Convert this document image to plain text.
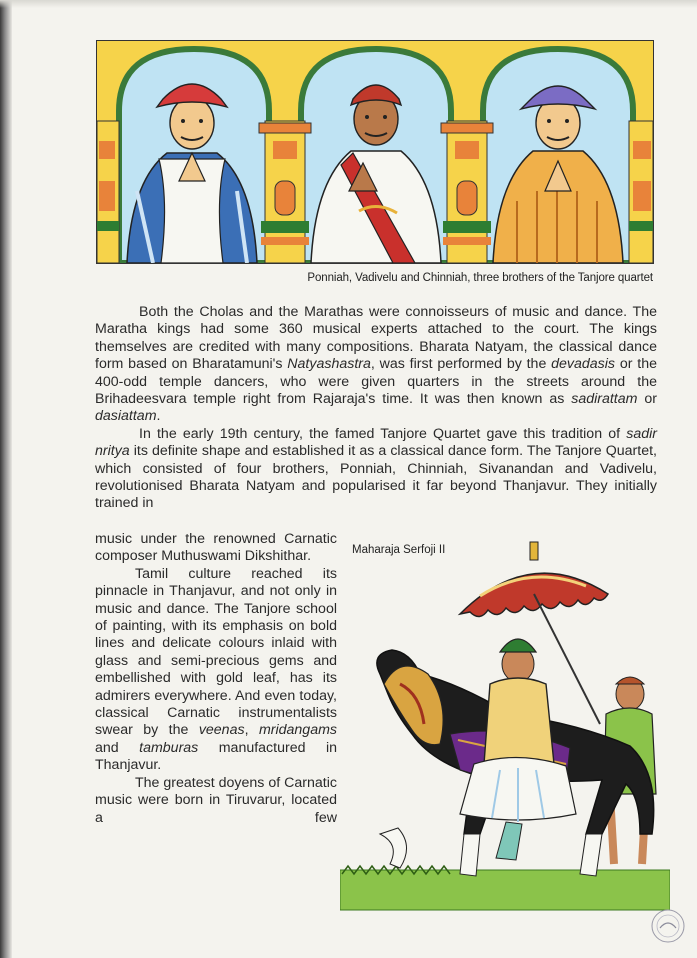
Ponniah, Vadivelu and Chinniah, three brothers of the Tanjore quartet

Both the Cholas and the Marathas were connoisseurs of music and dance. The Maratha kings had some 360 musical experts attached to the court. The kings themselves are credited with many compositions. Bharata Natyam, the classical dance form based on Bharatamuni's Natyashastra, was first performed by the devadasis or the 400-odd temple dancers, who were given quarters in the streets around the Brihadeesvara temple right from Rajaraja's time. It was then known as sadirattam or dasiattam.

In the early 19th century, the famed Tanjore Quartet gave this tradition of sadir nritya its definite shape and established it as a classical dance form. The Tanjore Quartet, which consisted of four brothers, Ponniah, Chinniah, Sivanandan and Vadivelu, revolutionised Bharata Natyam and popularised it far beyond Thanjavur. They initially trained in

music under the renowned Carnatic composer Muthuswami Dikshithar.

Tamil culture reached its pinnacle in Thanjavur, and not only in music and dance. The Tanjore school of painting, with its emphasis on bold lines and delicate colours inlaid with glass and semi-precious gems and embellished with gold leaf, has its admirers everywhere. And even today, classical Carnatic instrumentalists swear by the veenas, mridangams and tamburas manufactured in Thanjavur.

The greatest doyens of Carnatic music were born in Tiruvarur, located a few

Maharaja Serfoji II
